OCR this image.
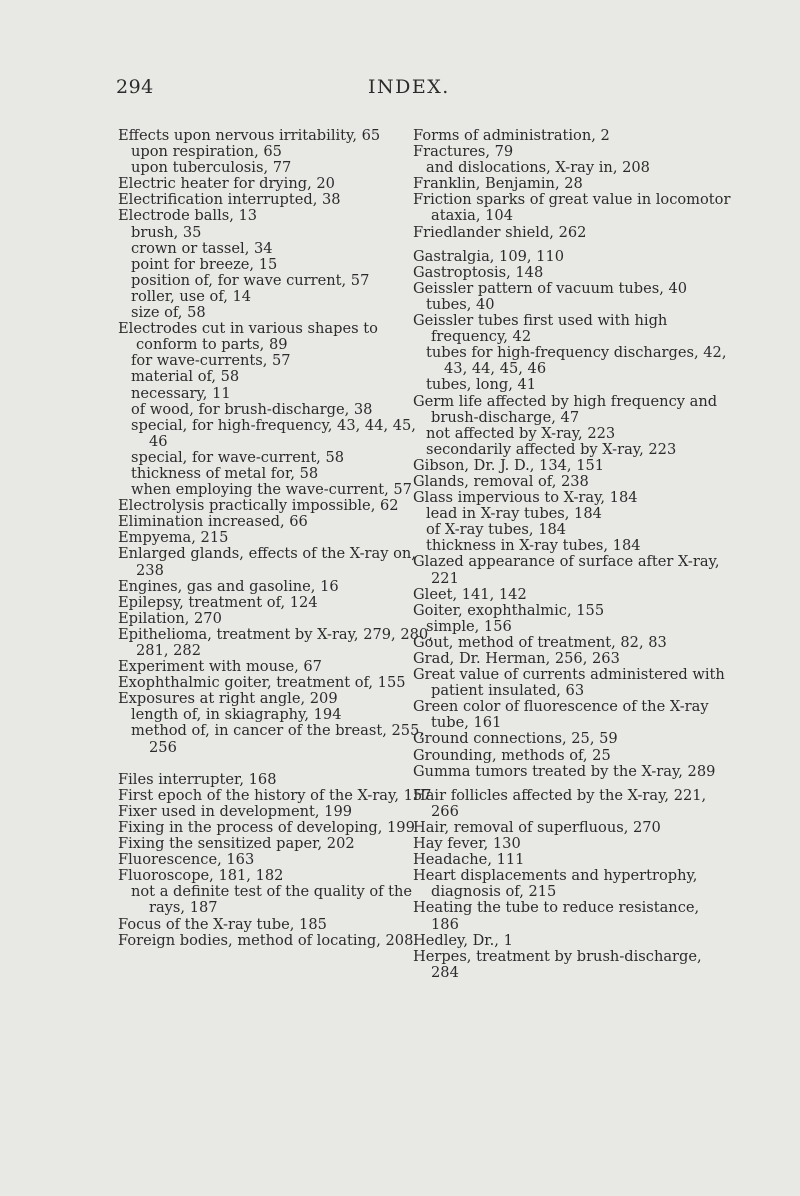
294	INDEX.
Effects upon nervous irritability, 65
upon respiration, 65
upon tuberculosis, 77
Electric heater for drying, 20
Electrification interrupted, 38
Electrode balls, 13
brush, 35
crown or tassel, 34
point for breeze, 15
position of, for wave current, 57
roller, use of, 14
size of, 58
Electrodes cut in various shapes to conform to parts, 89
for wave-currents, 57
material of, 58
necessary, 11
of wood, for brush-discharge, 38
special, for high-frequency, 43, 44, 45, 46
special, for wave-current, 58
thickness of metal for, 58
when employing the wave-current, 57
Electrolysis practically impossible, 62
Elimination increased, 66
Empyema, 215
Enlarged glands, effects of the X-ray on, 238
Engines, gas and gasoline, 16
Epilepsy, treatment of, 124
Epilation, 270
Epithelioma, treatment by X-ray, 279, 280, 281, 282
Experiment with mouse, 67
Exophthalmic goiter, treatment of, 155
Exposures at right angle, 209
length of, in skiagraphy, 194
method of, in cancer of the breast, 255, 256
Files interrupter, 168
First epoch of the history of the X-ray, 157
Fixer used in development, 199
Fixing in the process of developing, 199
Fixing the sensitized paper, 202
Fluorescence, 163
Fluoroscope, 181, 182
not a definite test of the quality of the rays, 187
Focus of the X-ray tube, 185
Foreign bodies, method of locating, 208
Forms of administration, 2
Fractures, 79
and dislocations, X-ray in, 208
Franklin, Benjamin, 28
Friction sparks of great value in locomotor ataxia, 104
Friedlander shield, 262
Gastralgia, 109, 110
Gastroptosis, 148
Geissler pattern of vacuum tubes, 40
tubes, 40
Geissler tubes first used with high frequency, 42
tubes for high-frequency discharges, 42, 43, 44, 45, 46
tubes, long, 41
Germ life affected by high frequency and brush-discharge, 47
not affected by X-ray, 223
secondarily affected by X-ray, 223
Gibson, Dr. J. D., 134, 151
Glands, removal of, 238
Glass impervious to X-ray, 184
lead in X-ray tubes, 184
of X-ray tubes, 184
thickness in X-ray tubes, 184
Glazed appearance of surface after X-ray, 221
Gleet, 141, 142
Goiter, exophthalmic, 155
simple, 156
Gout, method of treatment, 82, 83
Grad, Dr. Herman, 256, 263
Great value of currents administered with patient insulated, 63
Green color of fluorescence of the X-ray tube, 161
Ground connections, 25, 59
Grounding, methods of, 25
Gumma tumors treated by the X-ray, 289
Hair follicles affected by the X-ray, 221, 266
Hair, removal of superfluous, 270
Hay fever, 130
Headache, 111
Heart displacements and hypertrophy, diagnosis of, 215
Heating the tube to reduce resistance, 186
Hedley, Dr., 1
Herpes, treatment by brush-discharge, 284
